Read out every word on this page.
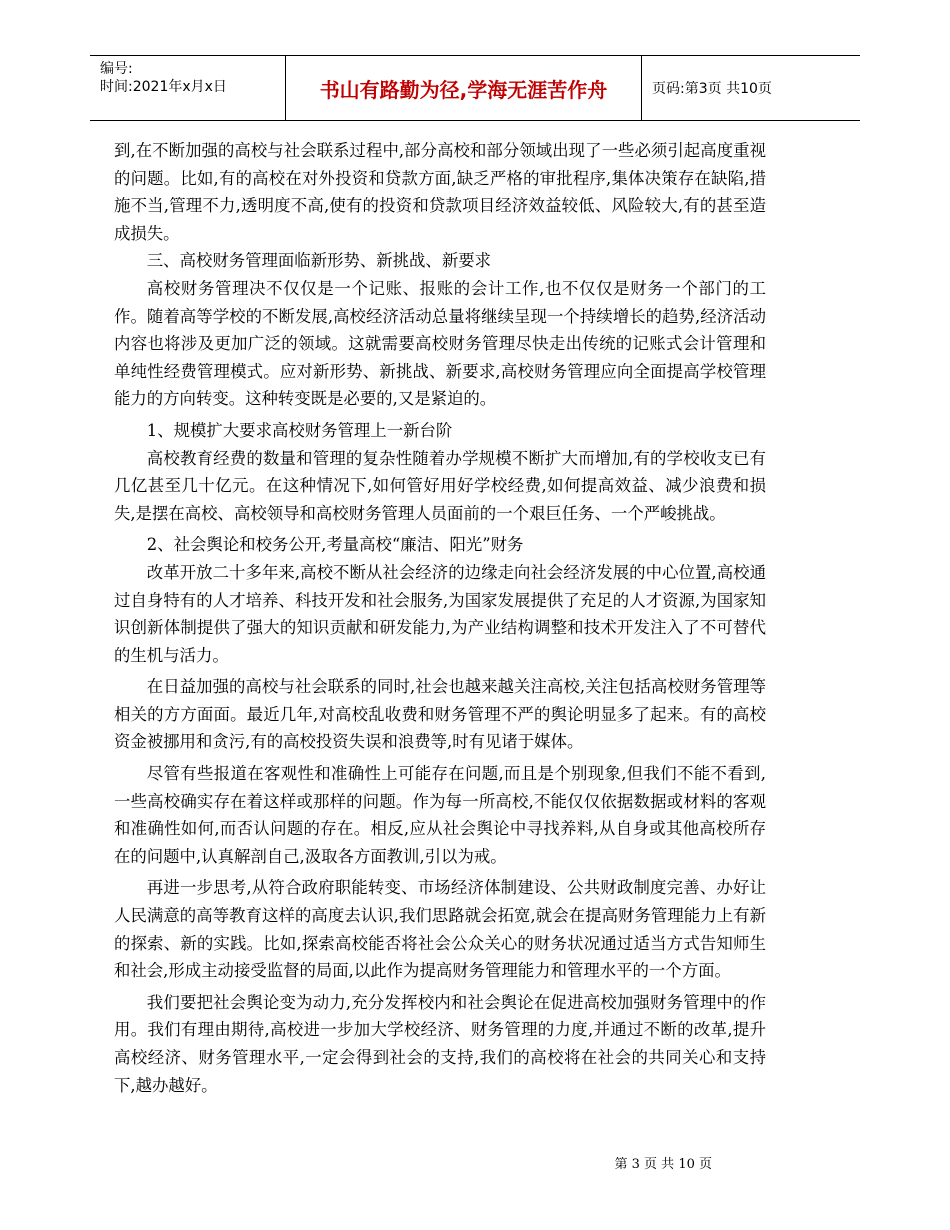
编号:
时间:2021年x月x日	书山有路勤为径,学海无涯苦作舟	页码:第3页 共10页

到,在不断加强的高校与社会联系过程中,部分高校和部分领域出现了一些必须引起高度重视的问题。比如,有的高校在对外投资和贷款方面,缺乏严格的审批程序,集体决策存在缺陷,措施不当,管理不力,透明度不高,使有的投资和贷款项目经济效益较低、风险较大,有的甚至造成损失。

三、高校财务管理面临新形势、新挑战、新要求

高校财务管理决不仅仅是一个记账、报账的会计工作,也不仅仅是财务一个部门的工作。随着高等学校的不断发展,高校经济活动总量将继续呈现一个持续增长的趋势,经济活动内容也将涉及更加广泛的领域。这就需要高校财务管理尽快走出传统的记账式会计管理和单纯性经费管理模式。应对新形势、新挑战、新要求,高校财务管理应向全面提高学校管理能力的方向转变。这种转变既是必要的,又是紧迫的。

1、规模扩大要求高校财务管理上一新台阶

高校教育经费的数量和管理的复杂性随着办学规模不断扩大而增加,有的学校收支已有几亿甚至几十亿元。在这种情况下,如何管好用好学校经费,如何提高效益、减少浪费和损失,是摆在高校、高校领导和高校财务管理人员面前的一个艰巨任务、一个严峻挑战。

2、社会舆论和校务公开,考量高校“廉洁、阳光”财务

改革开放二十多年来,高校不断从社会经济的边缘走向社会经济发展的中心位置,高校通过自身特有的人才培养、科技开发和社会服务,为国家发展提供了充足的人才资源,为国家知识创新体制提供了强大的知识贡献和研发能力,为产业结构调整和技术开发注入了不可替代的生机与活力。

在日益加强的高校与社会联系的同时,社会也越来越关注高校,关注包括高校财务管理等相关的方方面面。最近几年,对高校乱收费和财务管理不严的舆论明显多了起来。有的高校资金被挪用和贪污,有的高校投资失误和浪费等,时有见诸于媒体。

尽管有些报道在客观性和准确性上可能存在问题,而且是个别现象,但我们不能不看到,一些高校确实存在着这样或那样的问题。作为每一所高校,不能仅仅依据数据或材料的客观和准确性如何,而否认问题的存在。相反,应从社会舆论中寻找养料,从自身或其他高校所存在的问题中,认真解剖自己,汲取各方面教训,引以为戒。

再进一步思考,从符合政府职能转变、市场经济体制建设、公共财政制度完善、办好让人民满意的高等教育这样的高度去认识,我们思路就会拓宽,就会在提高财务管理能力上有新的探索、新的实践。比如,探索高校能否将社会公众关心的财务状况通过适当方式告知师生和社会,形成主动接受监督的局面,以此作为提高财务管理能力和管理水平的一个方面。

我们要把社会舆论变为动力,充分发挥校内和社会舆论在促进高校加强财务管理中的作用。我们有理由期待,高校进一步加大学校经济、财务管理的力度,并通过不断的改革,提升高校经济、财务管理水平,一定会得到社会的支持,我们的高校将在社会的共同关心和支持下,越办越好。

第 3 页 共 10 页
